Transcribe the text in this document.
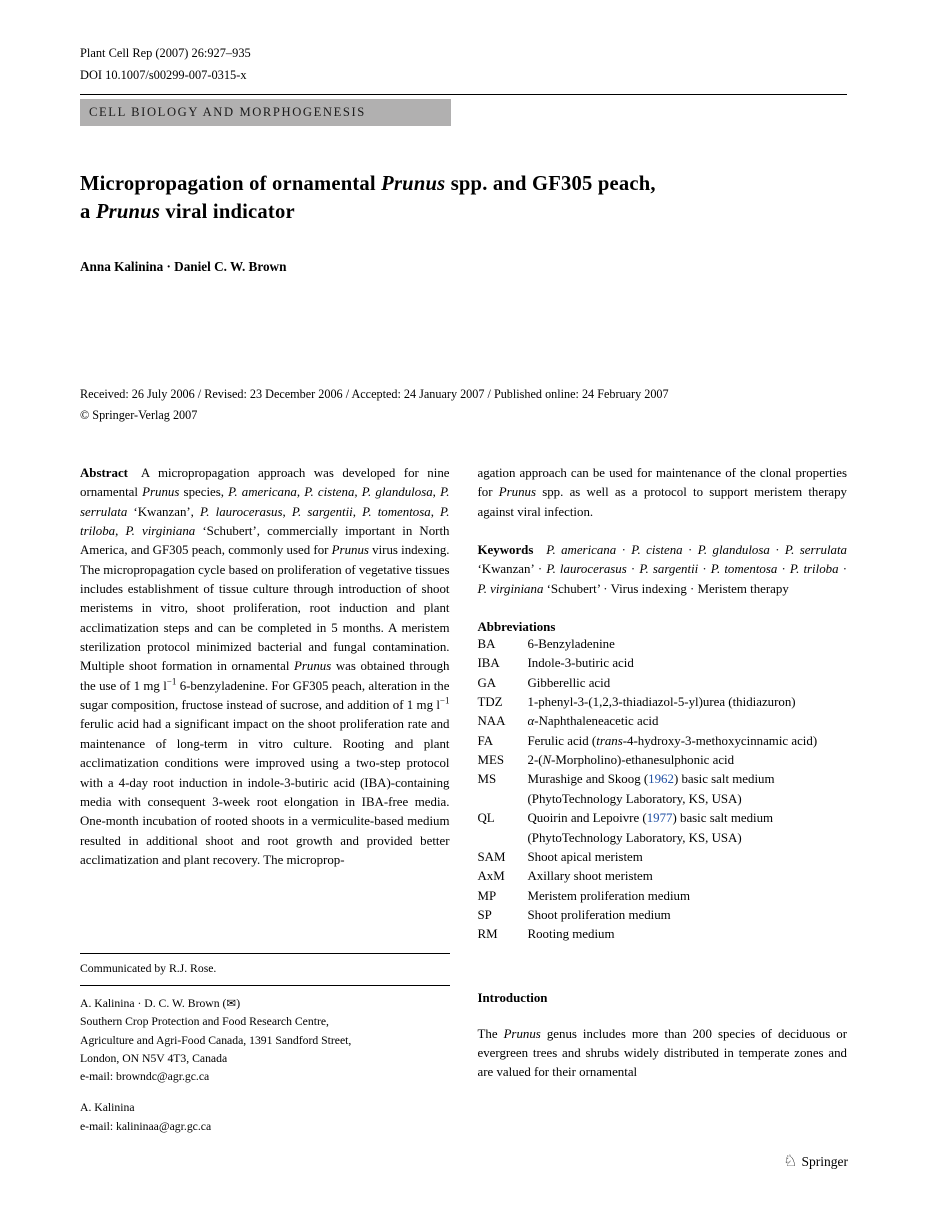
Plant Cell Rep (2007) 26:927–935
DOI 10.1007/s00299-007-0315-x
CELL BIOLOGY AND MORPHOGENESIS
Micropropagation of ornamental Prunus spp. and GF305 peach,
a Prunus viral indicator
Anna Kalinina · Daniel C. W. Brown
Received: 26 July 2006 / Revised: 23 December 2006 / Accepted: 24 January 2007 / Published online: 24 February 2007
© Springer-Verlag 2007

Abstract A micropropagation approach was developed for nine ornamental Prunus species, P. americana, P. cistena, P. glandulosa, P. serrulata ‘Kwanzan’, P. laurocerasus, P. sargentii, P. tomentosa, P. triloba, P. virginiana ‘Schubert’, commercially important in North America, and GF305 peach, commonly used for Prunus virus indexing. The micropropagation cycle based on proliferation of vegetative tissues includes establishment of tissue culture through introduction of shoot meristems in vitro, shoot proliferation, root induction and plant acclimatization steps and can be completed in 5 months. A meristem sterilization protocol minimized bacterial and fungal contamination. Multiple shoot formation in ornamental Prunus was obtained through the use of 1 mg $l^{-1}$ 6-benzyladenine. For GF305 peach, alteration in the sugar composition, fructose instead of sucrose, and addition of 1 mg $l^{-1}$ ferulic acid had a significant impact on the shoot proliferation rate and maintenance of long-term in vitro culture. Rooting and plant acclimatization conditions were improved using a two-step protocol with a 4-day root induction in indole-3-butiric acid (IBA)-containing media with consequent 3-week root elongation in IBA-free media. One-month incubation of rooted shoots in a vermiculite-based medium resulted in additional shoot and root growth and provided better acclimatization and plant recovery. The microprop-

Communicated by R.J. Rose.

A. Kalinina · D. C. W. Brown (✉)
Southern Crop Protection and Food Research Centre,
Agriculture and Agri-Food Canada, 1391 Sandford Street,
London, ON N5V 4T3, Canada
e-mail: browndc@agr.gc.ca

A. Kalinina
e-mail: kalininaa@agr.gc.ca

agation approach can be used for maintenance of the clonal properties for Prunus spp. as well as a protocol to support meristem therapy against viral infection.

Keywords  P. americana · P. cistena · P. glandulosa · P. serrulata ‘Kwanzan’ · P. laurocerasus · P. sargentii · P. tomentosa · P. triloba · P. virginiana ‘Schubert’ · Virus indexing · Meristem therapy

Abbreviations
BA	6-Benzyladenine
IBA	Indole-3-butiric acid
GA	Gibberellic acid
TDZ	1-phenyl-3-(1,2,3-thiadiazol-5-yl)urea (thidiazuron)
NAA	α-Naphthaleneacetic acid
FA	Ferulic acid (trans-4-hydroxy-3-methoxycinnamic acid)
MES	2-(N-Morpholino)-ethanesulphonic acid
MS	Murashige and Skoog (1962) basic salt medium (PhytoTechnology Laboratory, KS, USA)
QL	Quoirin and Lepoivre (1977) basic salt medium (PhytoTechnology Laboratory, KS, USA)
SAM	Shoot apical meristem
AxM	Axillary shoot meristem
MP	Meristem proliferation medium
SP	Shoot proliferation medium
RM	Rooting medium
Introduction

The Prunus genus includes more than 200 species of deciduous or evergreen trees and shrubs widely distributed in temperate zones and are valued for their ornamental

♘ Springer
